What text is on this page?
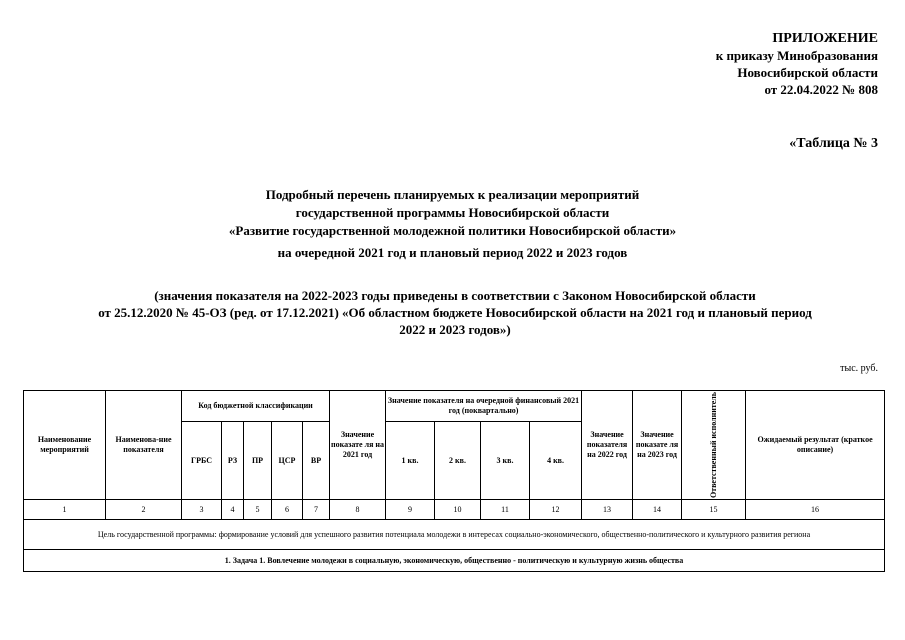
ПРИЛОЖЕНИЕ
к приказу Минобразования
Новосибирской области
от 22.04.2022 № 808
«Таблица № 3
Подробный перечень планируемых к реализации мероприятий
государственной программы Новосибирской области
«Развитие государственной молодежной политики Новосибирской области»
на очередной 2021 год и плановый период 2022 и 2023 годов
(значения показателя на 2022-2023 годы приведены в соответствии с Законом Новосибирской области
от 25.12.2020 № 45-ОЗ (ред. от 17.12.2021) «Об областном бюджете Новосибирской области на 2021 год и плановый период
2022 и 2023 годов»)
тыс. руб.
Наименование мероприятий	Наименова-ние показателя	Код бюджетной классификации					Значение показате ля на 2021 год	Значение показателя на очередной финансовый 2021 год (поквартально)				Значение показателя на 2022 год	Значение показате ля на 2023 год	Ответственный исполнитель	Ожидаемый результат (краткое описание)
		ГРБС	РЗ	ПР	ЦСР	ВР		1 кв.	2 кв.	3 кв.	4 кв.				
1	2	3	4	5	6	7	8	9	10	11	12	13	14	15	16
Цель государственной программы: формирование условий для успешного развития потенциала молодежи в интересах социально-экономического, общественно-политического и культурного развития региона															
1. Задача 1. Вовлечение молодежи в социальную, экономическую, общественно - политическую и культурную жизнь общества															
